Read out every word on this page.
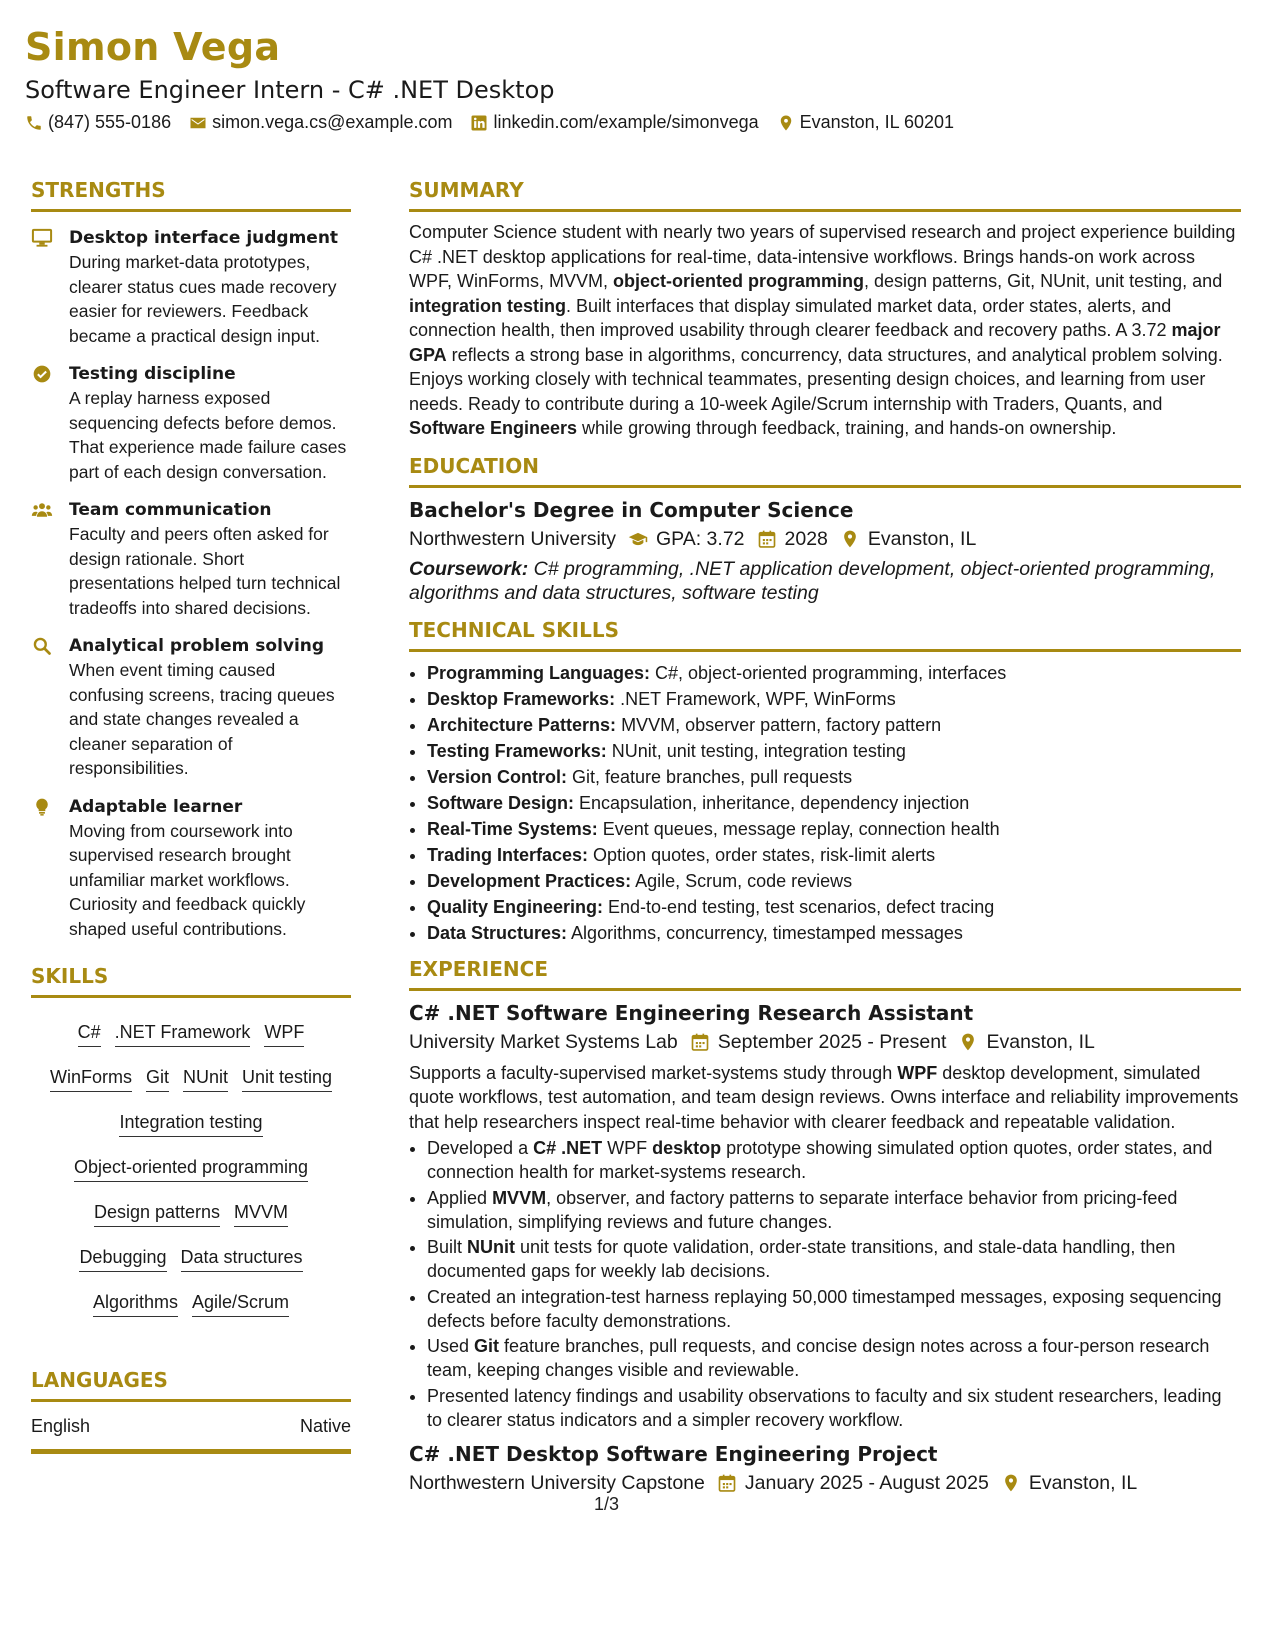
Simon Vega
Software Engineer Intern - C# .NET Desktop
(847) 555-0186 simon.vega.cs@example.com linkedin.com/example/simonvega Evanston, IL 60201
STRENGTHS
Desktop interface judgment
During market-data prototypes, clearer status cues made recovery easier for reviewers. Feedback became a practical design input.
Testing discipline
A replay harness exposed sequencing defects before demos. That experience made failure cases part of each design conversation.
Team communication
Faculty and peers often asked for design rationale. Short presentations helped turn technical tradeoffs into shared decisions.
Analytical problem solving
When event timing caused confusing screens, tracing queues and state changes revealed a cleaner separation of responsibilities.
Adaptable learner
Moving from coursework into supervised research brought unfamiliar market workflows. Curiosity and feedback quickly shaped useful contributions.
SKILLS
C# .NET Framework WPF
WinForms Git NUnit Unit testing
Integration testing
Object-oriented programming
Design patterns MVVM
Debugging Data structures
Algorithms Agile/Scrum
LANGUAGES
English	Native
SUMMARY
Computer Science student with nearly two years of supervised research and project experience building C# .NET desktop applications for real-time, data-intensive workflows. Brings hands-on work across WPF, WinForms, MVVM, object-oriented programming, design patterns, Git, NUnit, unit testing, and integration testing. Built interfaces that display simulated market data, order states, alerts, and connection health, then improved usability through clearer feedback and recovery paths. A 3.72 major GPA reflects a strong base in algorithms, concurrency, data structures, and analytical problem solving. Enjoys working closely with technical teammates, presenting design choices, and learning from user needs. Ready to contribute during a 10-week Agile/Scrum internship with Traders, Quants, and Software Engineers while growing through feedback, training, and hands-on ownership.
EDUCATION
Bachelor's Degree in Computer Science
Northwestern University GPA: 3.72 2028 Evanston, IL
Coursework: C# programming, .NET application development, object-oriented programming, algorithms and data structures, software testing
TECHNICAL SKILLS
• Programming Languages: C#, object-oriented programming, interfaces
• Desktop Frameworks: .NET Framework, WPF, WinForms
• Architecture Patterns: MVVM, observer pattern, factory pattern
• Testing Frameworks: NUnit, unit testing, integration testing
• Version Control: Git, feature branches, pull requests
• Software Design: Encapsulation, inheritance, dependency injection
• Real-Time Systems: Event queues, message replay, connection health
• Trading Interfaces: Option quotes, order states, risk-limit alerts
• Development Practices: Agile, Scrum, code reviews
• Quality Engineering: End-to-end testing, test scenarios, defect tracing
• Data Structures: Algorithms, concurrency, timestamped messages
EXPERIENCE
C# .NET Software Engineering Research Assistant
University Market Systems Lab September 2025 - Present Evanston, IL
Supports a faculty-supervised market-systems study through WPF desktop development, simulated quote workflows, test automation, and team design reviews. Owns interface and reliability improvements that help researchers inspect real-time behavior with clearer feedback and repeatable validation.
• Developed a C# .NET WPF desktop prototype showing simulated option quotes, order states, and connection health for market-systems research.
• Applied MVVM, observer, and factory patterns to separate interface behavior from pricing-feed simulation, simplifying reviews and future changes.
• Built NUnit unit tests for quote validation, order-state transitions, and stale-data handling, then documented gaps for weekly lab decisions.
• Created an integration-test harness replaying 50,000 timestamped messages, exposing sequencing defects before faculty demonstrations.
• Used Git feature branches, pull requests, and concise design notes across a four-person research team, keeping changes visible and reviewable.
• Presented latency findings and usability observations to faculty and six student researchers, leading to clearer status indicators and a simpler recovery workflow.
C# .NET Desktop Software Engineering Project
Northwestern University Capstone January 2025 - August 2025 Evanston, IL
1/3
